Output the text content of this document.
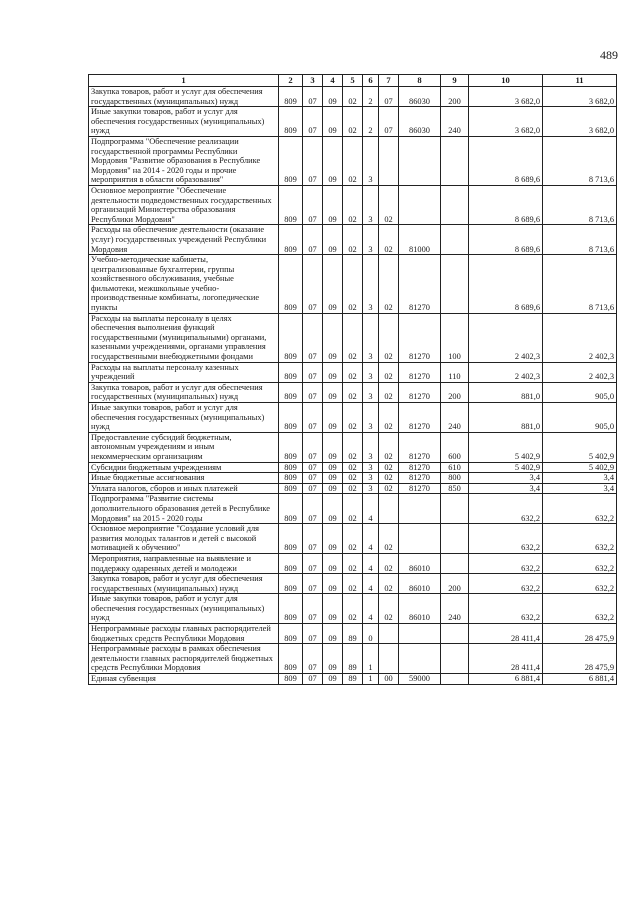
489
1	2	3	4	5	6	7	8	9	10	11
Закупка товаров, работ и услуг для обеспечения государственных (муниципальных) нужд	809	07	09	02	2	07	86030	200	3 682,0	3 682,0
Иные закупки товаров, работ и услуг для обеспечения государственных (муниципальных) нужд	809	07	09	02	2	07	86030	240	3 682,0	3 682,0
Подпрограмма "Обеспечение реализации государственной программы Республики Мордовия "Развитие образования в Республике Мордовия" на 2014 - 2020 годы и прочие мероприятия в области образования"	809	07	09	02	3				8 689,6	8 713,6
Основное мероприятие "Обеспечение деятельности подведомственных государственных организаций Министерства образования Республики Мордовия"	809	07	09	02	3	02			8 689,6	8 713,6
Расходы на обеспечение деятельности (оказание услуг) государственных учреждений Республики Мордовия	809	07	09	02	3	02	81000		8 689,6	8 713,6
Учебно-методические кабинеты, централизованные бухгалтерии, группы хозяйственного обслуживания, учебные фильмотеки, межшкольные учебно-производственные комбинаты, логопедические пункты	809	07	09	02	3	02	81270		8 689,6	8 713,6
Расходы на выплаты персоналу в целях обеспечения выполнения функций государственными (муниципальными) органами, казенными учреждениями, органами управления государственными внебюджетными фондами	809	07	09	02	3	02	81270	100	2 402,3	2 402,3
Расходы на выплаты персоналу казенных учреждений	809	07	09	02	3	02	81270	110	2 402,3	2 402,3
Закупка товаров, работ и услуг для обеспечения государственных (муниципальных) нужд	809	07	09	02	3	02	81270	200	881,0	905,0
Иные закупки товаров, работ и услуг для обеспечения государственных (муниципальных) нужд	809	07	09	02	3	02	81270	240	881,0	905,0
Предоставление субсидий бюджетным, автономным учреждениям и иным некоммерческим организациям	809	07	09	02	3	02	81270	600	5 402,9	5 402,9
Субсидии бюджетным учреждениям	809	07	09	02	3	02	81270	610	5 402,9	5 402,9
Иные бюджетные ассигнования	809	07	09	02	3	02	81270	800	3,4	3,4
Уплата налогов, сборов и иных платежей	809	07	09	02	3	02	81270	850	3,4	3,4
Подпрограмма "Развитие системы дополнительного образования детей в Республике Мордовия" на 2015 - 2020 годы	809	07	09	02	4				632,2	632,2
Основное мероприятие "Создание условий для развития молодых талантов и детей с высокой мотивацией к обучению"	809	07	09	02	4	02			632,2	632,2
Мероприятия, направленные на выявление и поддержку одаренных детей и молодежи	809	07	09	02	4	02	86010		632,2	632,2
Закупка товаров, работ и услуг для обеспечения государственных (муниципальных) нужд	809	07	09	02	4	02	86010	200	632,2	632,2
Иные закупки товаров, работ и услуг для обеспечения государственных (муниципальных) нужд	809	07	09	02	4	02	86010	240	632,2	632,2
Непрограммные расходы главных распорядителей бюджетных средств Республики Мордовия	809	07	09	89	0				28 411,4	28 475,9
Непрограммные расходы в рамках обеспечения деятельности главных распорядителей бюджетных средств Республики Мордовия	809	07	09	89	1				28 411,4	28 475,9
Единая субвенция	809	07	09	89	1	00	59000		6 881,4	6 881,4
